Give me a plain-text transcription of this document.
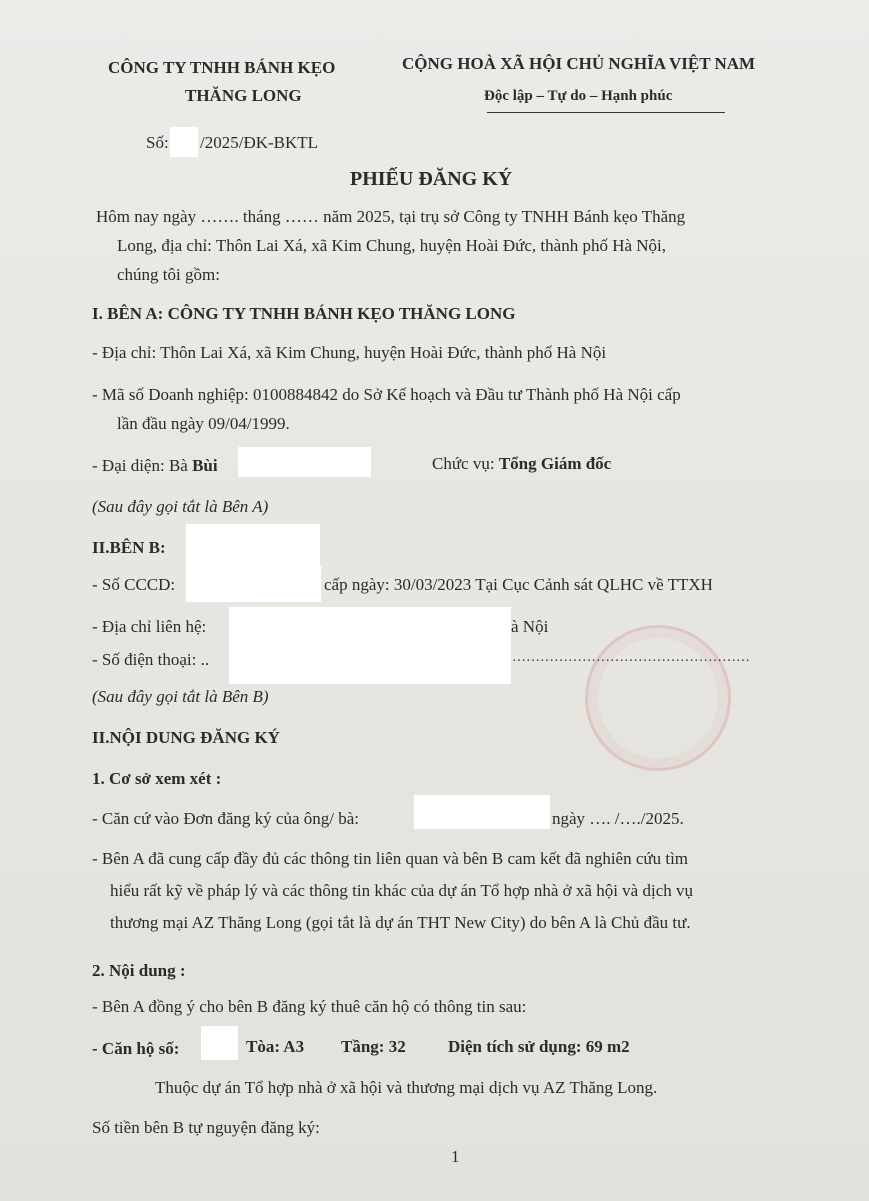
CÔNG TY TNHH BÁNH KẸO
THĂNG LONG
CỘNG HOÀ XÃ HỘI CHỦ NGHĨA VIỆT NAM
Độc lập – Tự do – Hạnh phúc
Số: /2025/ĐK-BKTL
PHIẾU ĐĂNG KÝ
Hôm nay ngày ……. tháng …… năm 2025, tại trụ sở Công ty TNHH Bánh kẹo Thăng
Long, địa chỉ: Thôn Lai Xá, xã Kim Chung, huyện Hoài Đức, thành phố Hà Nội,
chúng tôi gồm:
I. BÊN A: CÔNG TY TNHH BÁNH KẸO THĂNG LONG
- Địa chỉ: Thôn Lai Xá, xã Kim Chung, huyện Hoài Đức, thành phố Hà Nội
- Mã số Doanh nghiệp: 0100884842 do Sở Kế hoạch và Đầu tư Thành phố Hà Nội cấp
lần đầu ngày 09/04/1999.
- Đại diện: Bà Bùi	Chức vụ: Tổng Giám đốc
(Sau đây gọi tắt là Bên A)
II.BÊN B:
- Số CCCD:	cấp ngày: 30/03/2023 Tại Cục Cảnh sát QLHC về TTXH
- Địa chỉ liên hệ:	à Nội
- Số điện thoại: ..	……………………………………………
(Sau đây gọi tắt là Bên B)
II.NỘI DUNG ĐĂNG KÝ
1. Cơ sở xem xét :
- Căn cứ vào Đơn đăng ký của ông/ bà:	ngày …. /…./2025.
- Bên A đã cung cấp đầy đủ các thông tin liên quan và bên B cam kết đã nghiên cứu tìm
hiểu rất kỹ về pháp lý và các thông tin khác của dự án Tổ hợp nhà ở xã hội và dịch vụ
thương mại AZ Thăng Long (gọi tắt là dự án THT New City) do bên A là Chủ đầu tư.
2. Nội dung :
- Bên A đồng ý cho bên B đăng ký thuê căn hộ có thông tin sau:
- Căn hộ số:	Tòa: A3 Tầng: 32 Diện tích sử dụng: 69 m2
Thuộc dự án Tổ hợp nhà ở xã hội và thương mại dịch vụ AZ Thăng Long.
Số tiền bên B tự nguyện đăng ký:
1
